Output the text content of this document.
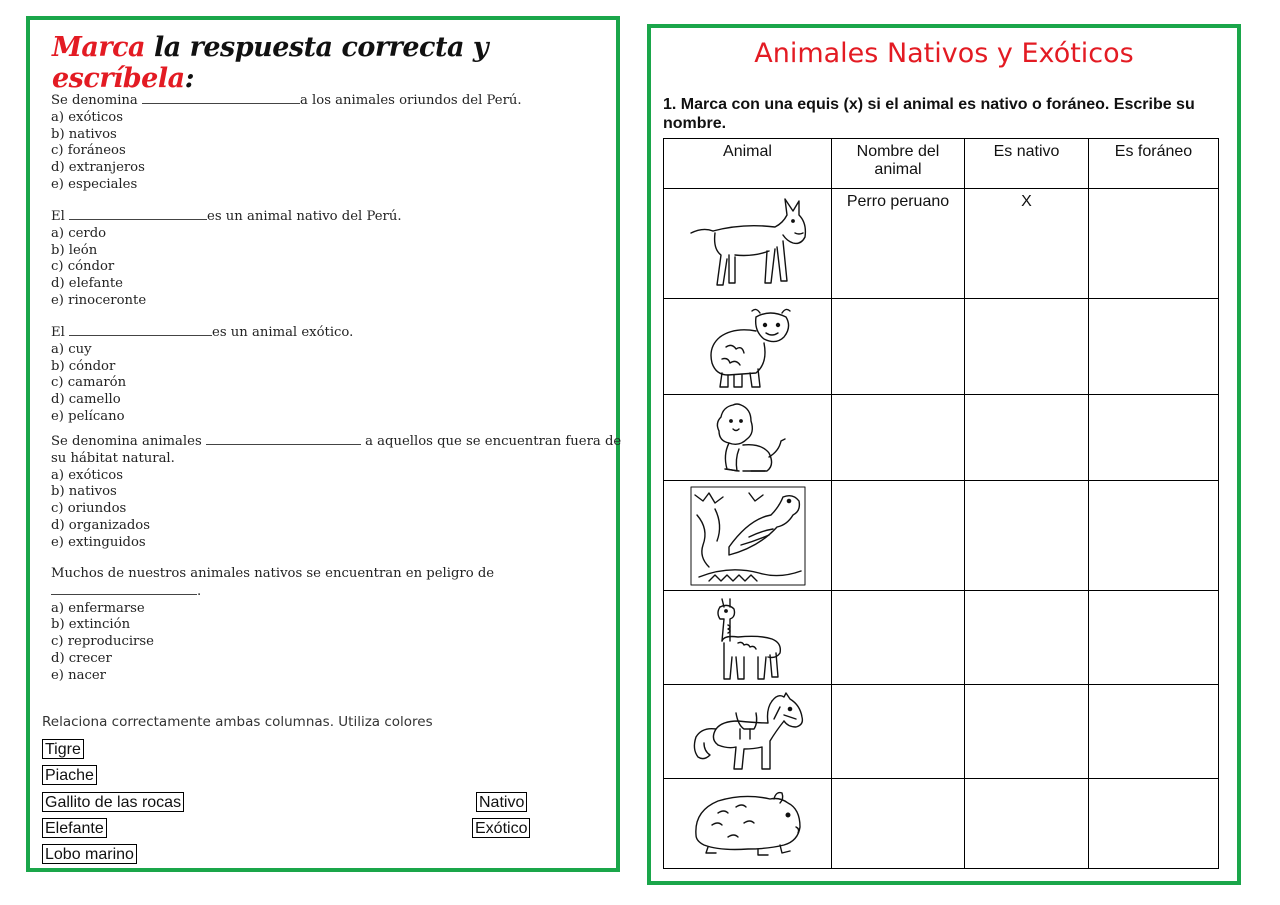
Marca la respuesta correcta y escríbela:
Se denomina	a los animales oriundos del Perú.
a) exóticos
b) nativos
c) foráneos
d) extranjeros
e) especiales
El	es un animal nativo del Perú.
a) cerdo
b) león
c) cóndor
d) elefante
e) rinoceronte
El	es un animal exótico.
a) cuy
b) cóndor
c) camarón
d) camello
e) pelícano
Se denomina animales	a aquellos que se encuentran fuera de
su hábitat natural.
a) exóticos
b) nativos
c) oriundos
d) organizados
e) extinguidos
Muchos de nuestros animales nativos se encuentran en peligro de
.
a) enfermarse
b) extinción
c) reproducirse
d) crecer
e) nacer
Relaciona correctamente ambas columnas. Utiliza colores
Tigre
Piache
Gallito de las rocas
Elefante
Lobo marino
Nativo
Exótico
Animales Nativos y Exóticos
1. Marca con una equis (x) si el animal es nativo o foráneo. Escribe su nombre.
Animal	Nombre del animal	Es nativo	Es foráneo

	Perro peruano	X	
